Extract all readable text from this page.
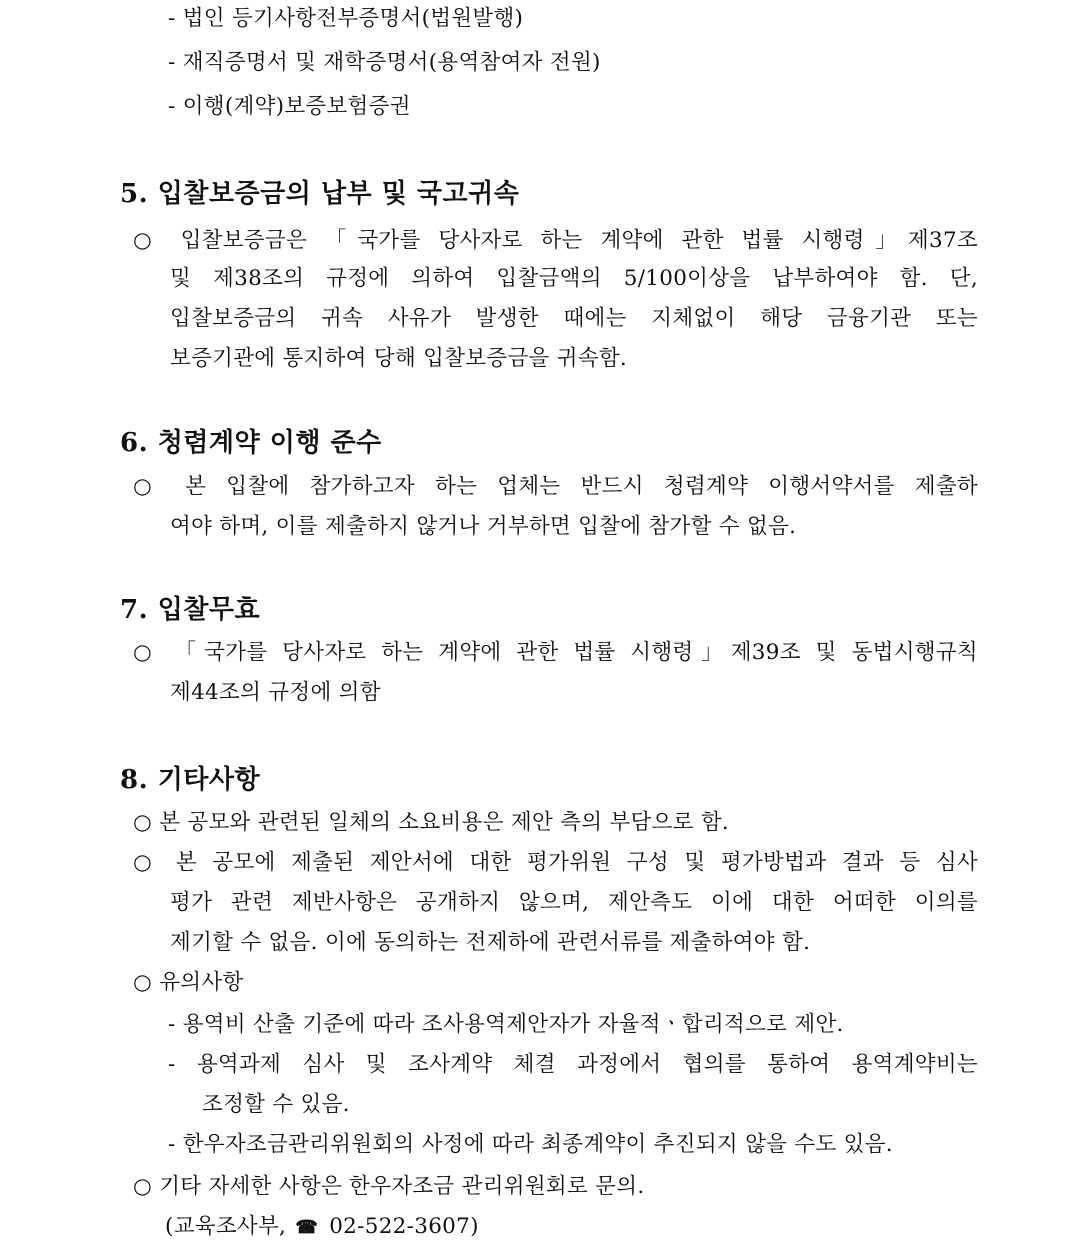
- 법인 등기사항전부증명서(법원발행)

- 재직증명서 및 재학증명서(용역참여자 전원)

- 이행(계약)보증보험증권

5. 입찰보증금의 납부 및 국고귀속

○ 입찰보증금은 「국가를 당사자로 하는 계약에 관한 법률 시행령」제37조

및 제38조의 규정에 의하여 입찰금액의 5/100이상을 납부하여야 함. 단,

입찰보증금의 귀속 사유가 발생한 때에는 지체없이 해당 금융기관 또는

보증기관에 통지하여 당해 입찰보증금을 귀속함.

6. 청렴계약 이행 준수

○ 본 입찰에 참가하고자 하는 업체는 반드시 청렴계약 이행서약서를 제출하

여야 하며, 이를 제출하지 않거나 거부하면 입찰에 참가할 수 없음.

7. 입찰무효

○ 「국가를 당사자로 하는 계약에 관한 법률 시행령」제39조 및 동법시행규칙

제44조의 규정에 의함

8. 기타사항

○ 본 공모와 관련된 일체의 소요비용은 제안 측의 부담으로 함.

○ 본 공모에 제출된 제안서에 대한 평가위원 구성 및 평가방법과 결과 등 심사

평가 관련 제반사항은 공개하지 않으며, 제안측도 이에 대한 어떠한 이의를

제기할 수 없음. 이에 동의하는 전제하에 관련서류를 제출하여야 함.

○ 유의사항

- 용역비 산출 기준에 따라 조사용역제안자가 자율적ㆍ합리적으로 제안.

- 용역과제 심사 및 조사계약 체결 과정에서 협의를 통하여 용역계약비는

조정할 수 있음.

- 한우자조금관리위원회의 사정에 따라 최종계약이 추진되지 않을 수도 있음.

○ 기타 자세한 사항은 한우자조금 관리위원회로 문의.

(교육조사부, ☎ 02-522-3607)
